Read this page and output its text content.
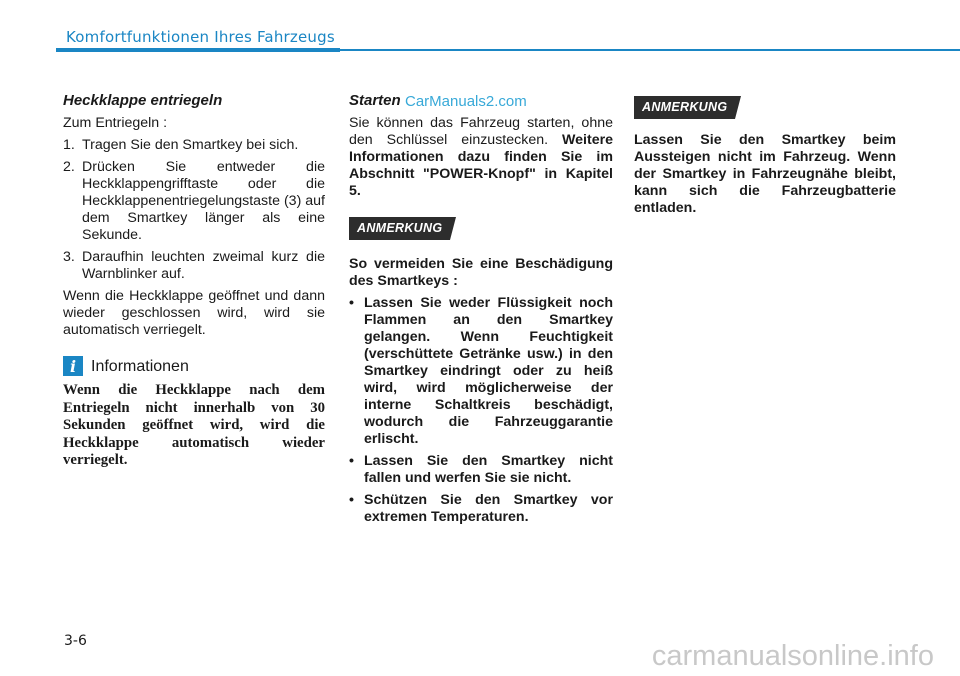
Komfortfunktionen Ihres Fahrzeugs
Heckklappe entriegeln

Zum Entriegeln :

1. Tragen Sie den Smartkey bei sich.
2. Drücken Sie entweder die Heckklappengrifftaste oder die Heckklappenentriegelungstaste (3) auf dem Smartkey länger als eine Sekunde.
3. Daraufhin leuchten zweimal kurz die Warnblinker auf.

Wenn die Heckklappe geöffnet und dann wieder geschlossen wird, wird sie automatisch verriegelt.

i Informationen

Wenn die Heckklappe nach dem Entriegeln nicht innerhalb von 30 Sekunden geöffnet wird, wird die Heckklappe automatisch wieder verriegelt.

Starten

Sie können das Fahrzeug starten, ohne den Schlüssel einzustecken. Weitere Informationen dazu finden Sie im Abschnitt "POWER-Knopf" in Kapitel 5.

ANMERKUNG

So vermeiden Sie eine Beschädigung des Smartkeys :

• Lassen Sie weder Flüssigkeit noch Flammen an den Smartkey gelangen. Wenn Feuchtigkeit (verschüttete Getränke usw.) in den Smartkey eindringt oder zu heiß wird, wird möglicherweise der interne Schaltkreis beschädigt, wodurch die Fahrzeuggarantie erlischt.
• Lassen Sie den Smartkey nicht fallen und werfen Sie sie nicht.
• Schützen Sie den Smartkey vor extremen Temperaturen.
CarManuals2.com	ANMERKUNG

Lassen Sie den Smartkey beim Aussteigen nicht im Fahrzeug. Wenn der Smartkey in Fahrzeugnähe bleibt, kann sich die Fahrzeugbatterie entladen.

3-6	carmanualsonline.info
